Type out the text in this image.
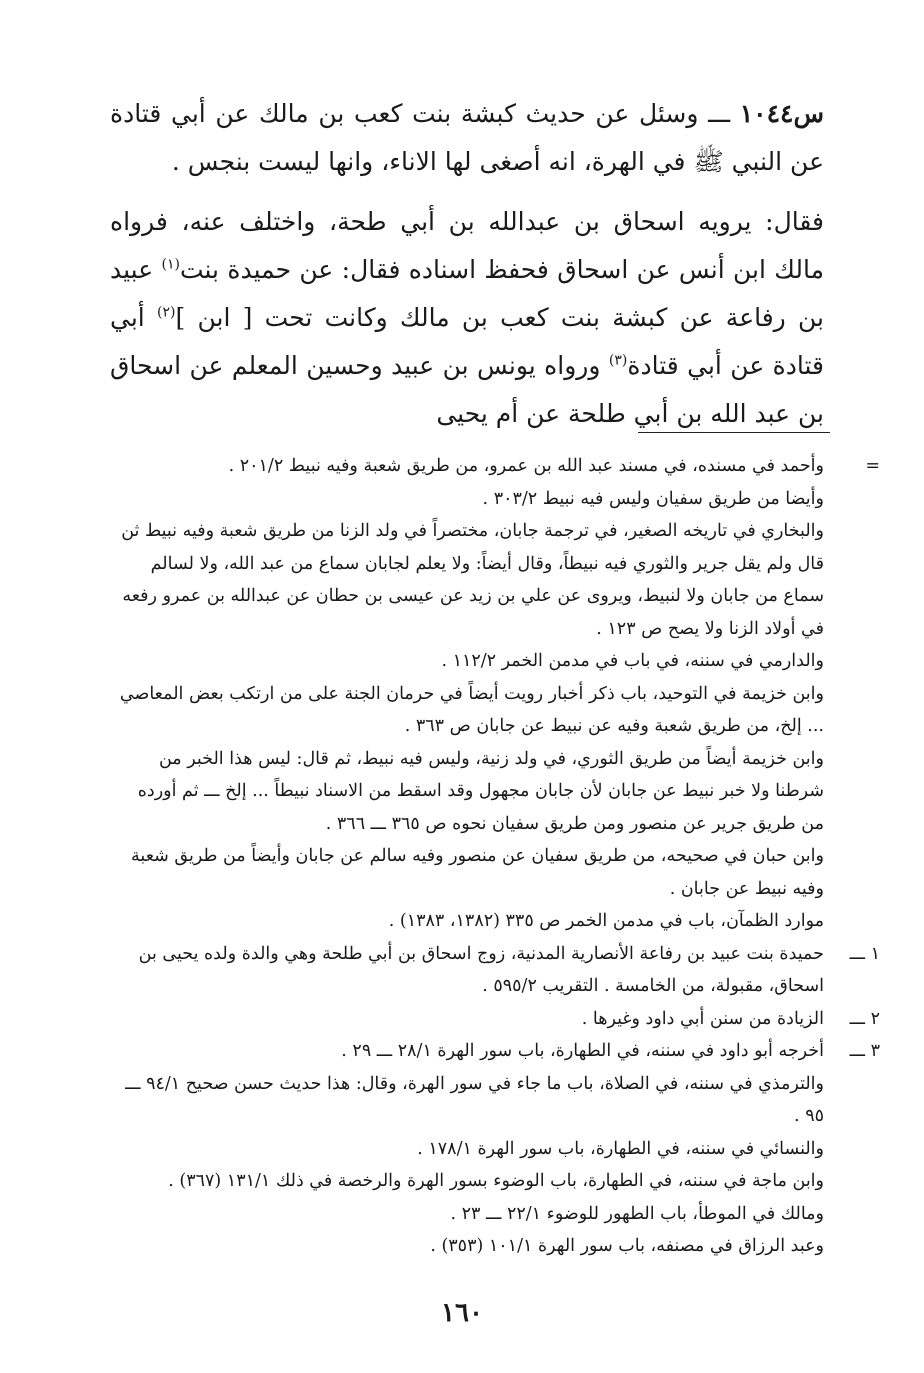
س١٠٤٤ ـــ وسئل عن حديث كبشة بنت كعب بن مالك عن أبي قتادة عن النبي ﷺ في الهرة، انه أصغى لها الاناء، وانها ليست بنجس .

فقال: يرويه اسحاق بن عبدالله بن أبي طحة، واختلف عنه، فرواه مالك ابن أنس عن اسحاق فحفظ اسناده فقال: عن حميدة بنت$^{(١)}$ عبيد بن رفاعة عن كبشة بنت كعب بن مالك وكانت تحت [ ابن ]$^{(٢)}$ أبي قتادة عن أبي قتادة$^{(٣)}$ ورواه يونس بن عبيد وحسين المعلم عن اسحاق بن عبد الله بن أبي طلحة عن أم يحيى

=
وأحمد في مسنده، في مسند عبد الله بن عمرو، من طريق شعبة وفيه نبيط ٢٠١/٢ .
وأيضا من طريق سفيان وليس فيه نبيط ٣٠٣/٢ .
والبخاري في تاريخه الصغير، في ترجمة جابان، مختصراً في ولد الزنا من طريق شعبة وفيه نبيط ثن قال ولم يقل جرير والثوري فيه نبيطاً، وقال أيضاً: ولا يعلم لجابان سماع من عبد الله، ولا لسالم سماع من جابان ولا لنبيط، ويروى عن علي بن زيد عن عيسى بن حطان عن عبدالله بن عمرو رفعه في أولاد الزنا ولا يصح ص ١٢٣ .
والدارمي في سننه، في باب في مدمن الخمر ١١٢/٢ .
وابن خزيمة في التوحيد، باب ذكر أخبار رويت أيضاً في حرمان الجنة على من ارتكب بعض المعاصي ... إلخ، من طريق شعبة وفيه عن نبيط عن جابان ص ٣٦٣ .
وابن خزيمة أيضاً من طريق الثوري، في ولد زنية، وليس فيه نبيط، ثم قال: ليس هذا الخبر من شرطنا ولا خبر نبيط عن جابان لأن جابان مجهول وقد اسقط من الاسناد نبيطاً ... إلخ ـــ ثم أورده من طريق جرير عن منصور ومن طريق سفيان نحوه ص ٣٦٥ ـــ ٣٦٦ .
وابن حبان في صحيحه، من طريق سفيان عن منصور وفيه سالم عن جابان وأيضاً من طريق شعبة وفيه نبيط عن جابان .
موارد الظمآن، باب في مدمن الخمر ص ٣٣٥ (١٣٨٢، ١٣٨٣) .
١ ـــ
حميدة بنت عبيد بن رفاعة الأنصارية المدنية، زوج اسحاق بن أبي طلحة وهي والدة ولده يحيى بن اسحاق، مقبولة، من الخامسة . التقريب ٥٩٥/٢ .
٢ ـــ
الزيادة من سنن أبي داود وغيرها .
٣ ـــ
أخرجه أبو داود في سننه، في الطهارة، باب سور الهرة ٢٨/١ ـــ ٢٩ .
والترمذي في سننه، في الصلاة، باب ما جاء في سور الهرة، وقال: هذا حديث حسن صحيح ٩٤/١ ـــ ٩٥ .
والنسائي في سننه، في الطهارة، باب سور الهرة ١٧٨/١ .
وابن ماجة في سننه، في الطهارة، باب الوضوء بسور الهرة والرخصة في ذلك ١٣١/١ (٣٦٧) .
ومالك في الموطأ، باب الطهور للوضوء ٢٢/١ ـــ ٢٣ .
وعبد الرزاق في مصنفه، باب سور الهرة ١٠١/١ (٣٥٣) .
١٦٠
